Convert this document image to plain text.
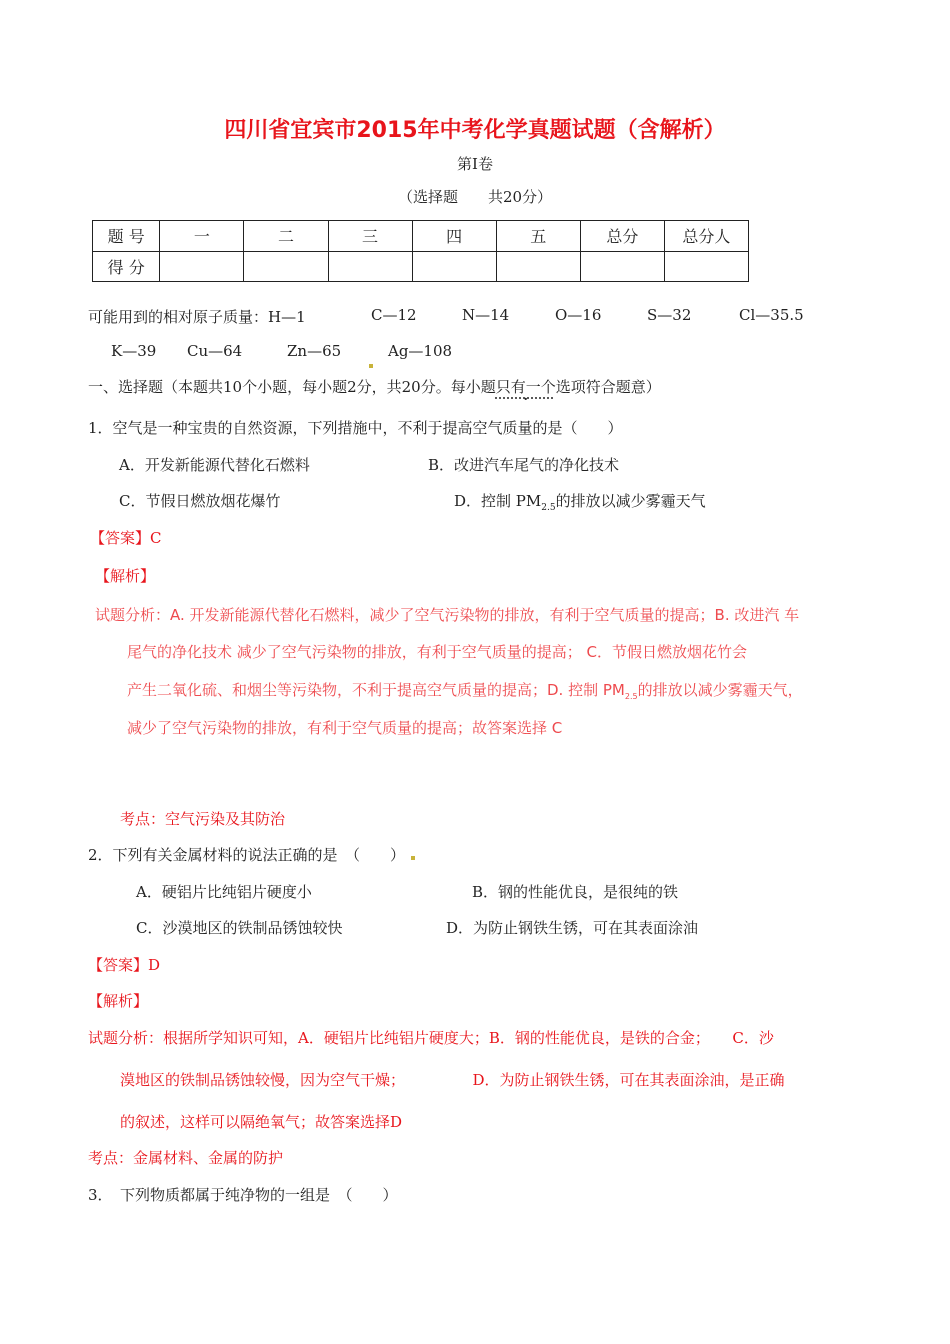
四川省宜宾市2015年中考化学真题试题（含解析）
第Ⅰ卷
（选择题　　共20分）
题 号	一	二	三	四	五	总分	总分人
得 分							
可能用到的相对原子质量：H—1	C—12	N—14	O—16	S—32	Cl—35.5
K—39 Cu—64	Zn—65	Ag—108
一、选择题（本题共10个小题，每小题2分，共20分。每小题只有一个选项符合题意）
1．空气是一种宝贵的自然资源，下列措施中，不利于提高空气质量的是（　　）
A．开发新能源代替化石燃料	B．改进汽车尾气的净化技术
C．节假日燃放烟花爆竹	D．控制 $PM_{2.5}$的排放以减少雾霾天气
【答案】C
【解析】
试题分析：A. 开发新能源代替化石燃料，减少了空气污染物的排放，有利于空气质量的提高；B. 改进汽 车
尾气的净化技术 减少了空气污染物的排放，有利于空气质量的提高； C．节假日燃放烟花竹会
产生二氧化硫、和烟尘等污染物，不利于提高空气质量的提高；D. 控制 $PM_{2.5}$的排放以减少雾霾天气，
减少了空气污染物的排放，有利于空气质量的提高；故答案选择 C
考点：空气污染及其防治
2．下列有关金属材料的说法正确的是　（　　）
A．硬铝片比纯铝片硬度小	B．钢的性能优良，是很纯的铁
C．沙漠地区的铁制品锈蚀较快	D．为防止钢铁生锈，可在其表面涂油
【答案】D
【解析】
试题分析：根据所学知识可知，A．硬铝片比纯铝片硬度大；B．钢的性能优良，是铁的合金；　　C．沙
漠地区的铁制品锈蚀较慢，因为空气干燥；　　　　　D．为防止钢铁生锈，可在其表面涂油，是正确
的叙述，这样可以隔绝氧气；故答案选择D
考点：金属材料、金属的防护
3．　下列物质都属于纯净物的一组是　（　　）
